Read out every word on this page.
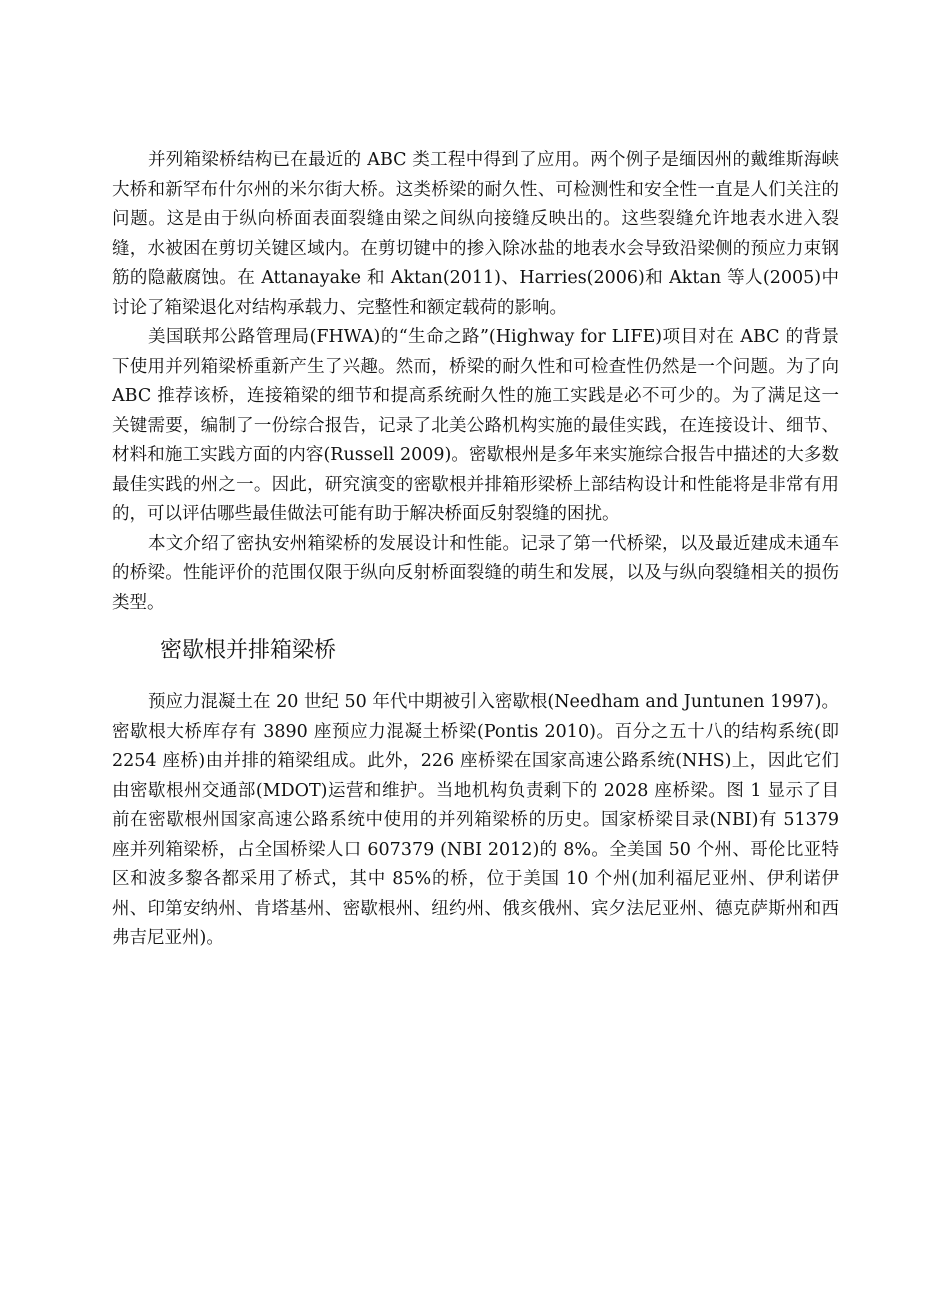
并列箱梁桥结构已在最近的 ABC 类工程中得到了应用。两个例子是缅因州的戴维斯海峡大桥和新罕布什尔州的米尔街大桥。这类桥梁的耐久性、可检测性和安全性一直是人们关注的问题。这是由于纵向桥面表面裂缝由梁之间纵向接缝反映出的。这些裂缝允许地表水进入裂缝，水被困在剪切关键区域内。在剪切键中的掺入除冰盐的地表水会导致沿梁侧的预应力束钢筋的隐蔽腐蚀。在 Attanayake 和 Aktan(2011)、Harries(2006)和 Aktan 等人(2005)中讨论了箱梁退化对结构承载力、完整性和额定载荷的影响。

美国联邦公路管理局(FHWA)的“生命之路”(Highway for LIFE)项目对在 ABC 的背景下使用并列箱梁桥重新产生了兴趣。然而，桥梁的耐久性和可检查性仍然是一个问题。为了向 ABC 推荐该桥，连接箱梁的细节和提高系统耐久性的施工实践是必不可少的。为了满足这一关键需要，编制了一份综合报告，记录了北美公路机构实施的最佳实践，在连接设计、细节、材料和施工实践方面的内容(Russell 2009)。密歇根州是多年来实施综合报告中描述的大多数最佳实践的州之一。因此，研究演变的密歇根并排箱形梁桥上部结构设计和性能将是非常有用的，可以评估哪些最佳做法可能有助于解决桥面反射裂缝的困扰。

本文介绍了密执安州箱梁桥的发展设计和性能。记录了第一代桥梁，以及最近建成未通车的桥梁。性能评价的范围仅限于纵向反射桥面裂缝的萌生和发展，以及与纵向裂缝相关的损伤类型。

密歇根并排箱梁桥

预应力混凝土在 20 世纪 50 年代中期被引入密歇根(Needham and Juntunen 1997)。密歇根大桥库存有 3890 座预应力混凝土桥梁(Pontis 2010)。百分之五十八的结构系统(即 2254 座桥)由并排的箱梁组成。此外，226 座桥梁在国家高速公路系统(NHS)上，因此它们由密歇根州交通部(MDOT)运营和维护。当地机构负责剩下的 2028 座桥梁。图 1 显示了目前在密歇根州国家高速公路系统中使用的并列箱梁桥的历史。国家桥梁目录(NBI)有 51379 座并列箱梁桥，占全国桥梁人口 607379 (NBI 2012)的 8%。全美国 50 个州、哥伦比亚特区和波多黎各都采用了桥式，其中 85%的桥，位于美国 10 个州(加利福尼亚州、伊利诺伊州、印第安纳州、肯塔基州、密歇根州、纽约州、俄亥俄州、宾夕法尼亚州、德克萨斯州和西弗吉尼亚州)。
